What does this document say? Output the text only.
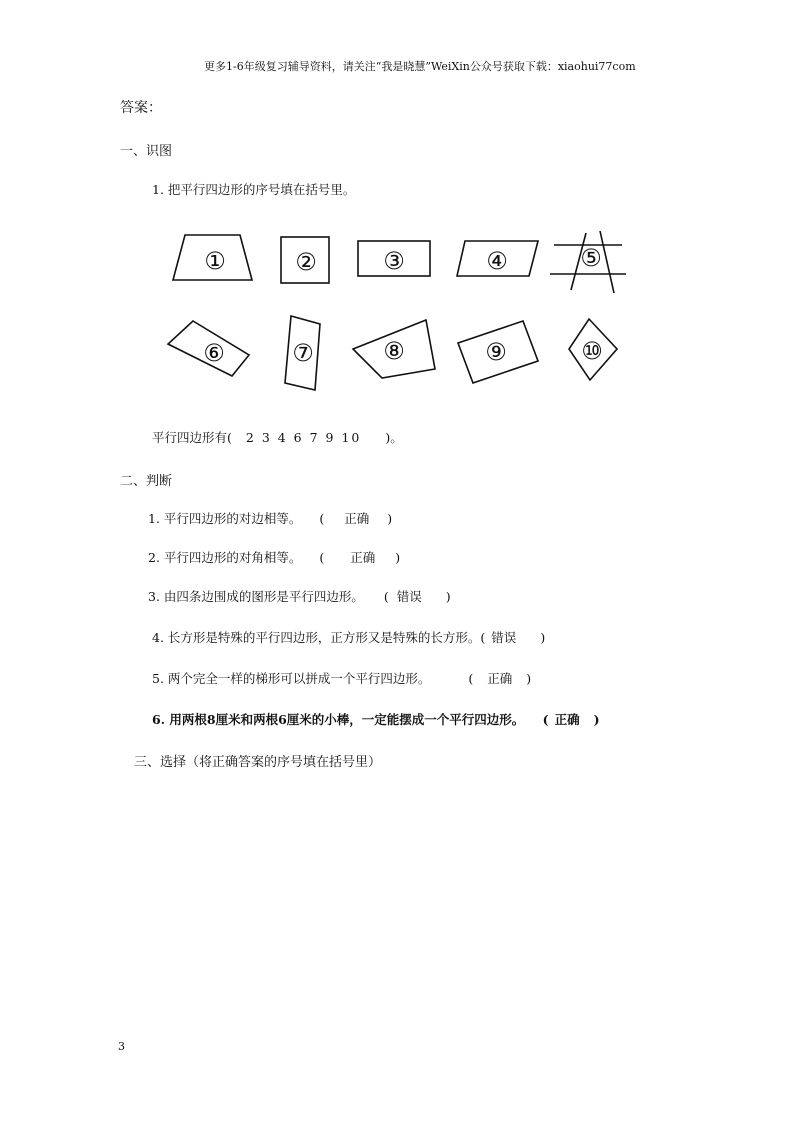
更多1-6年级复习辅导资料，请关注“我是晓慧”WeiXin公众号获取下载：xiaohui77com
答案：
一、识图
1. 把平行四边形的序号填在括号里。
①	②	③	④	⑤
⑥	⑦	⑧	⑨	⑩
平行四边形有( 2 3 4 6 7 9 10 )。
二、判断
1. 平行四边形的对边相等。 ( 正确 )
2. 平行四边形的对角相等。 ( 正确 )
3. 由四条边围成的图形是平行四边形。 ( 错误 )
4. 长方形是特殊的平行四边形，正方形又是特殊的长方形。( 错误 )
5. 两个完全一样的梯形可以拼成一个平行四边形。	( 正确 )
6. 用两根8厘米和两根6厘米的小棒，一定能摆成一个平行四边形。 ( 正确 )
三、选择（将正确答案的序号填在括号里）
3
